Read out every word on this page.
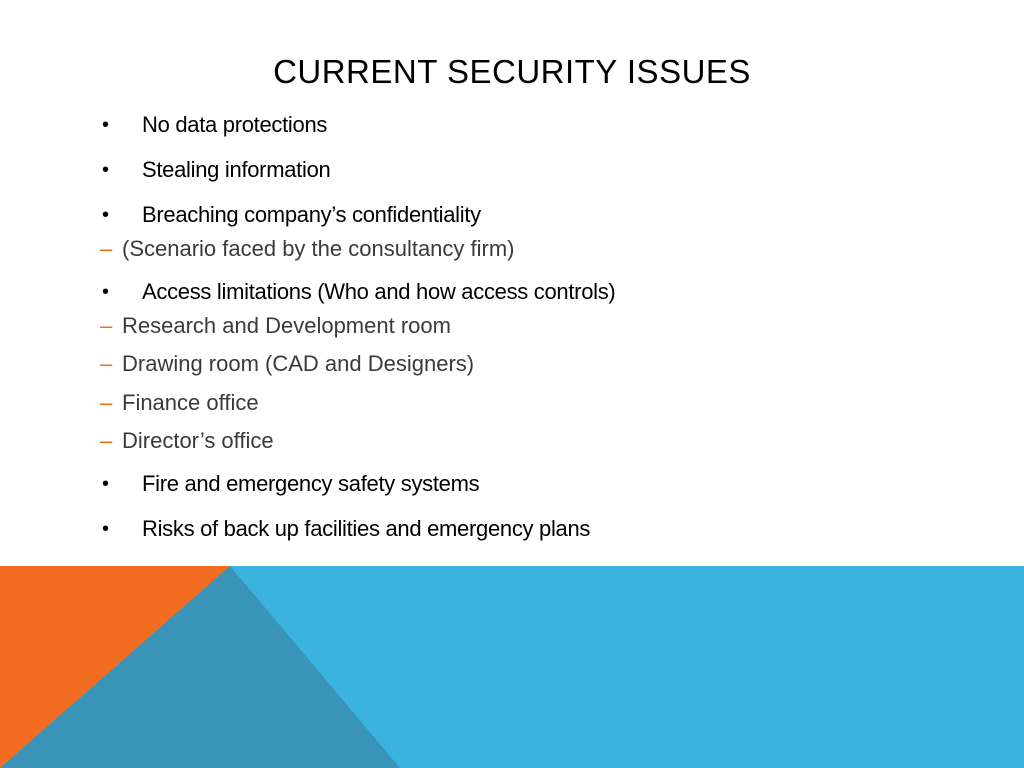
CURRENT SECURITY ISSUES
• No data protections
• Stealing information
• Breaching company’s confidentiality
– (Scenario faced by the consultancy firm)
• Access limitations (Who and how access controls)
– Research and Development room
– Drawing room (CAD and Designers)
– Finance office
– Director’s office
• Fire and emergency safety systems
• Risks of back up facilities and emergency plans
